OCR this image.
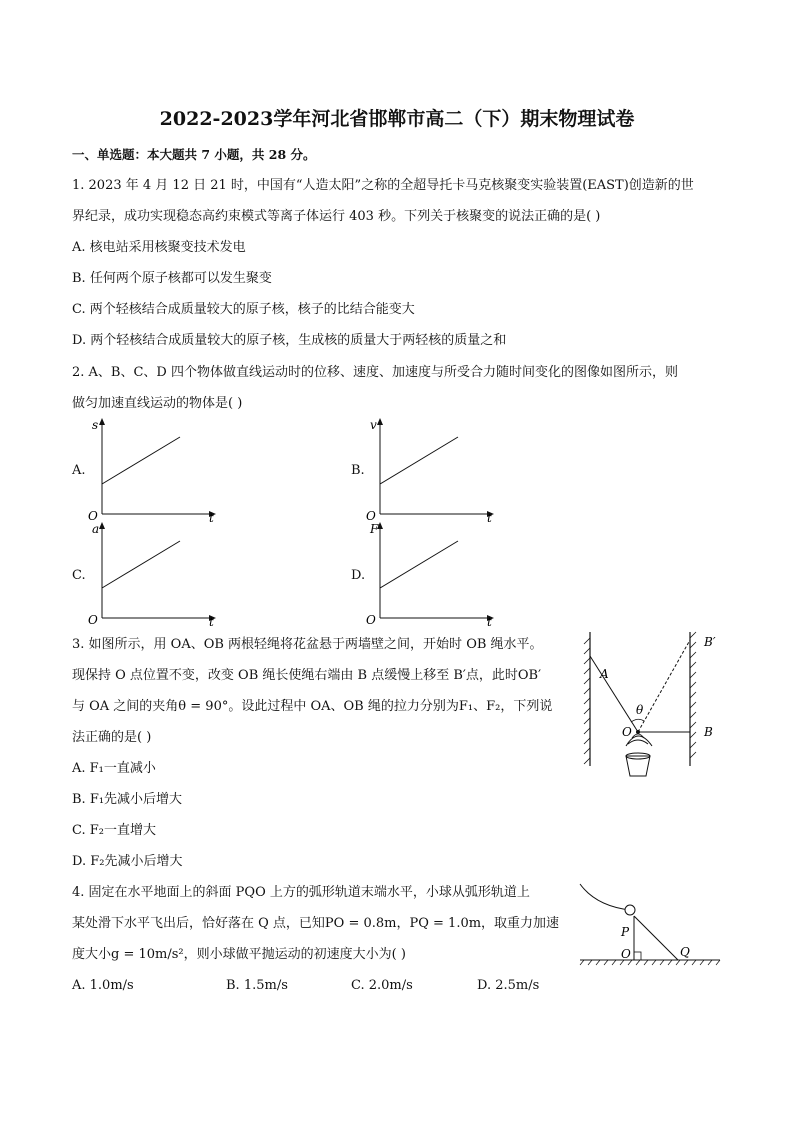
2022-2023学年河北省邯郸市高二（下）期末物理试卷
一、单选题：本大题共 7 小题，共 28 分。
1. 2023 年 4 月 12 日 21 时，中国有“人造太阳”之称的全超导托卡马克核聚变实验装置(EAST)创造新的世
界纪录，成功实现稳态高约束模式等离子体运行 403 秒。下列关于核聚变的说法正确的是( )
A. 核电站采用核聚变技术发电
B. 任何两个原子核都可以发生聚变
C. 两个轻核结合成质量较大的原子核，核子的比结合能变大
D. 两个轻核结合成质量较大的原子核，生成核的质量大于两轻核的质量之和
2. A、B、C、D 四个物体做直线运动时的位移、速度、加速度与所受合力随时间变化的图像如图所示，则
做匀加速直线运动的物体是( )
A.
s
O	t
B.
v
O	t
C.
a
O	t
D.
F
O	t
3. 如图所示，用 OA、OB 两根轻绳将花盆悬于两墙壁之间，开始时 OB 绳水平。
现保持 O 点位置不变，改变 OB 绳长使绳右端由 B 点缓慢上移至 B′点，此时OB′
与 OA 之间的夹角θ = 90°。设此过程中 OA、OB 绳的拉力分别为F₁、F₂，下列说
法正确的是( )
A. F₁一直减小
B. F₁先减小后增大
C. F₂一直增大
D. F₂先减小后增大
A
B′
B
O
θ
4. 固定在水平地面上的斜面 PQO 上方的弧形轨道末端水平，小球从弧形轨道上
某处滑下水平飞出后，恰好落在 Q 点，已知PO = 0.8m，PQ = 1.0m，取重力加速
度大小g = 10m/s²，则小球做平抛运动的初速度大小为( )
A. 1.0m/s	B. 1.5m/s	C. 2.0m/s	D. 2.5m/s
P
O	Q
